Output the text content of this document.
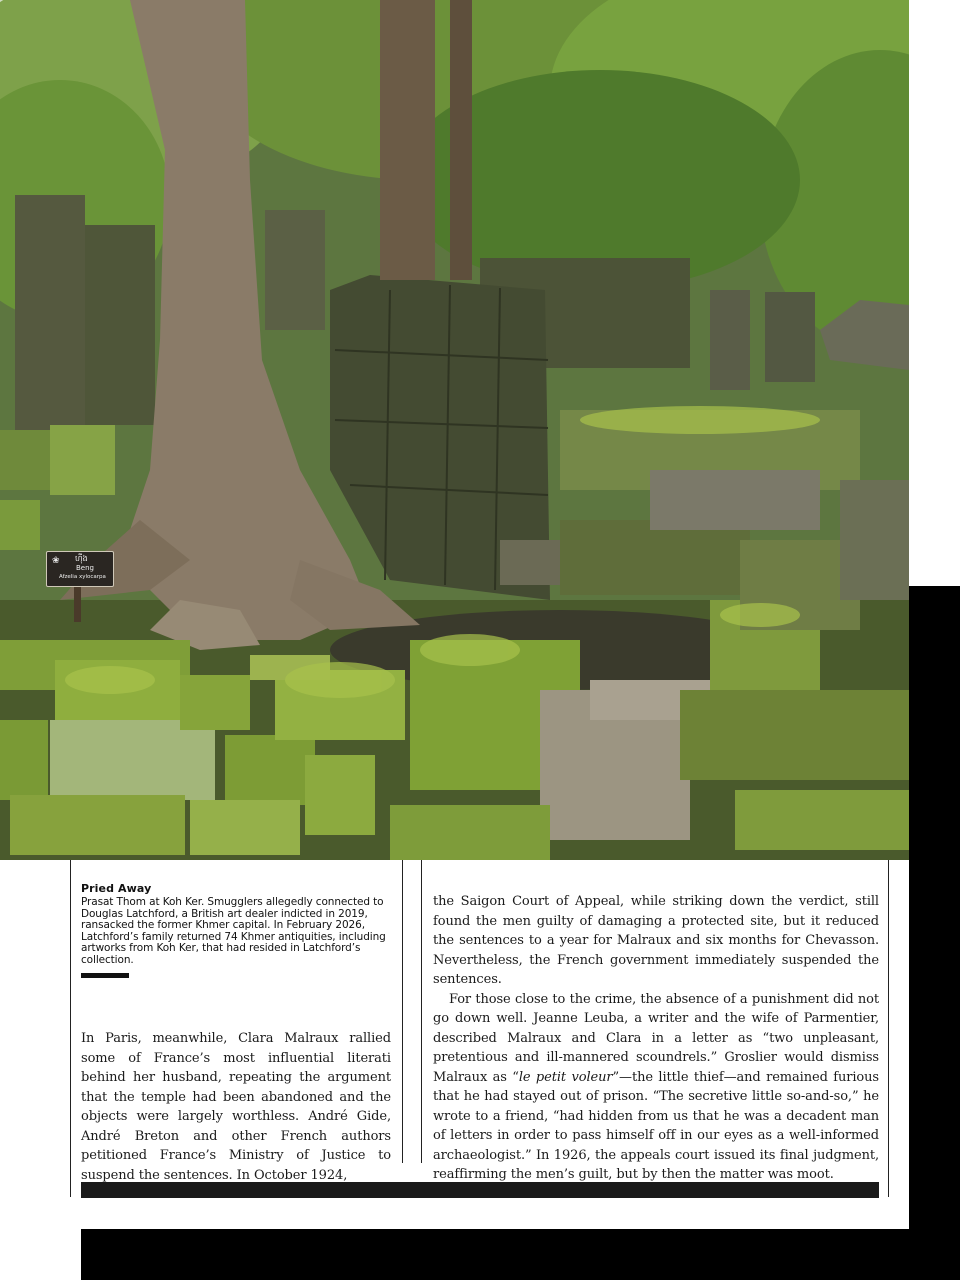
❀ ហ៊ីង
Beng
Afzelia xylocarpa

Pried Away

Prasat Thom at Koh Ker. Smugglers allegedly connected to Douglas Latchford, a British art dealer indicted in 2019, ransacked the former Khmer capital. In February 2026, Latchford’s family returned 74 Khmer antiquities, including artworks from Koh Ker, that had resided in Latchford’s collection.

In Paris, meanwhile, Clara Malraux rallied some of France’s most influential literati behind her husband, repeating the argument that the temple had been abandoned and the objects were largely worthless. André Gide, André Breton and other French authors petitioned France’s Ministry of Justice to suspend the sentences. In October 1924,

the Saigon Court of Appeal, while striking down the verdict, still found the men guilty of damaging a protected site, but it reduced the sentences to a year for Malraux and six months for Chevasson. Nevertheless, the French government immediately suspended the sentences.

For those close to the crime, the absence of a punishment did not go down well. Jeanne Leuba, a writer and the wife of Parmentier, described Malraux and Clara in a letter as “two unpleasant, pretentious and ill-mannered scoundrels.” Groslier would dismiss Malraux as “le petit voleur”—the little thief—and remained furious that he had stayed out of prison. “The secretive little so-and-so,” he wrote to a friend, “had hidden from us that he was a decadent man of letters in order to pass himself off in our eyes as a well-informed archaeologist.” In 1926, the appeals court issued its final judgment, reaffirming the men’s guilt, but by then the matter was moot.
